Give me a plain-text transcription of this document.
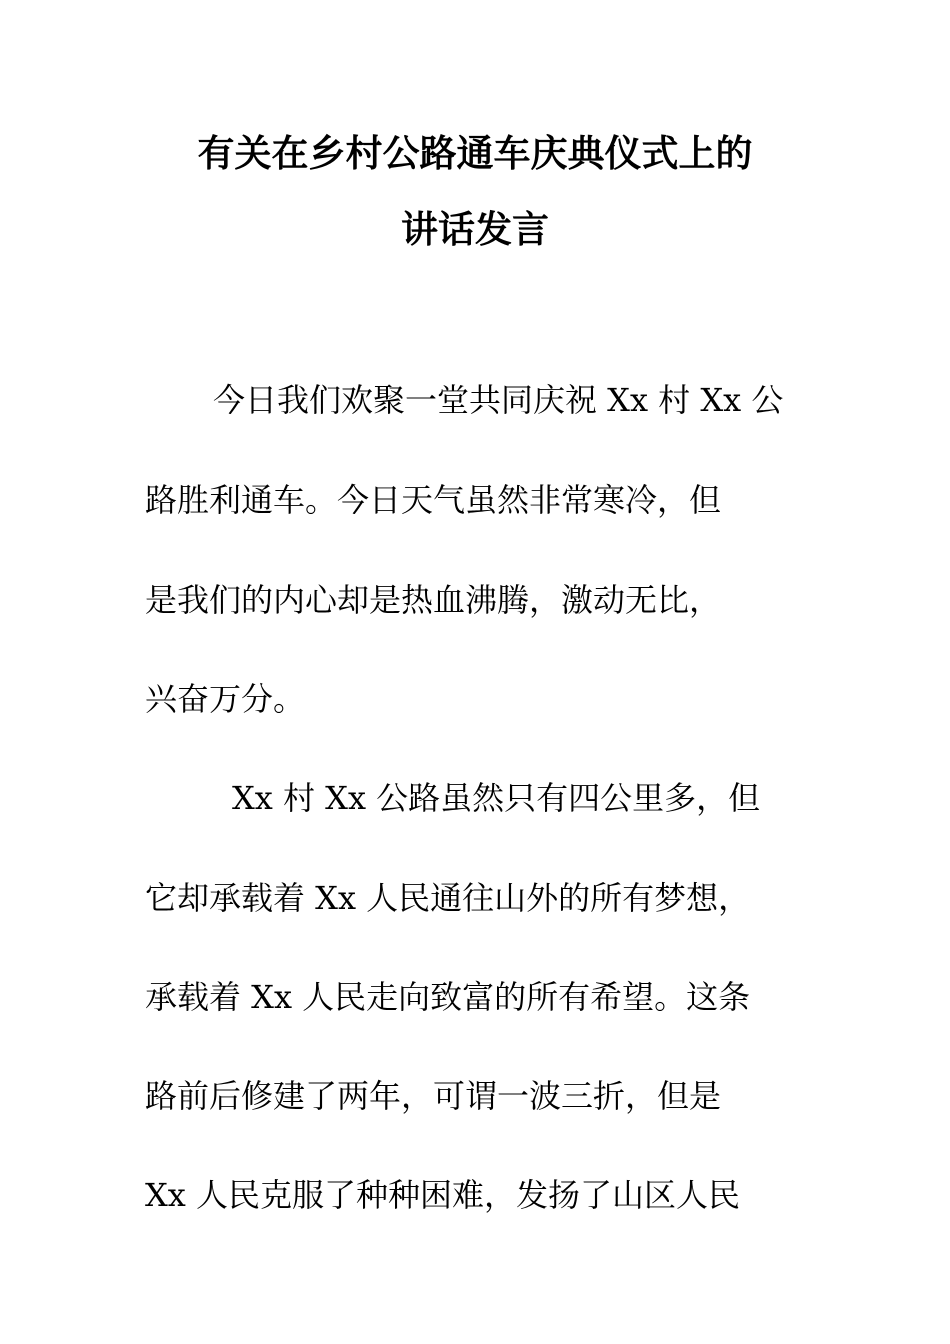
有关在乡村公路通车庆典仪式上的
讲话发言
今日我们欢聚一堂共同庆祝 Xx 村 Xx 公
路胜利通车。今日天气虽然非常寒冷，但
是我们的内心却是热血沸腾，激动无比，
兴奋万分。
Xx 村 Xx 公路虽然只有四公里多，但
它却承载着 Xx 人民通往山外的所有梦想，
承载着 Xx 人民走向致富的所有希望。这条
路前后修建了两年，可谓一波三折，但是
Xx 人民克服了种种困难，发扬了山区人民
